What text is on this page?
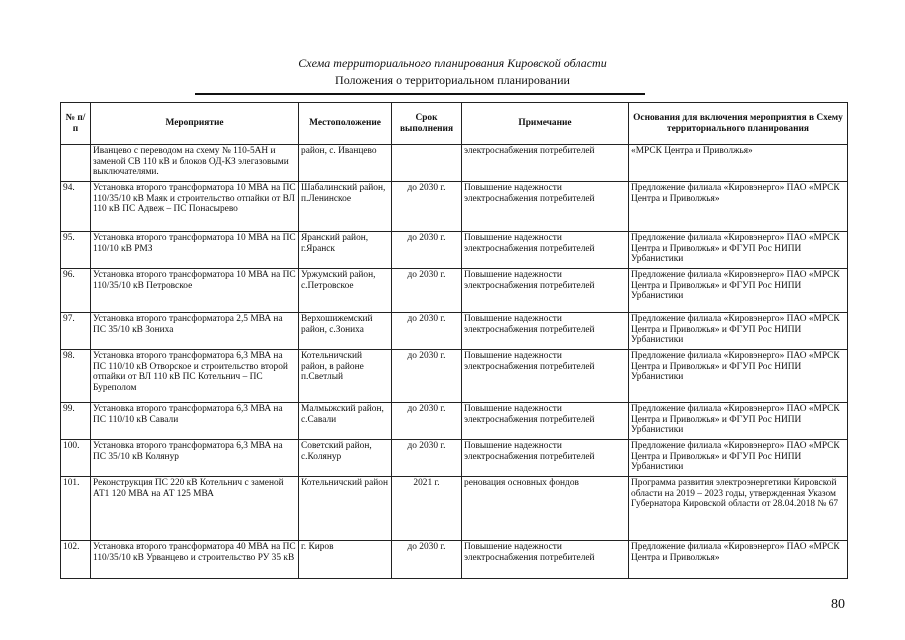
Схема территориального планирования Кировской области
Положения о территориальном планировании
№ п/п	Мероприятие	Местоположение	Срок выполнения	Примечание	Основания для включения мероприятия в Схему территориального планирования
	Иванцево с переводом на схему № 110-5АН и заменой СВ 110 кВ и блоков ОД-КЗ элегазовыми выключателями.	район, с. Иванцево		электроснабжения потребителей	«МРСК Центра и Приволжья»
94.	Установка второго трансформатора 10 МВА на ПС 110/35/10 кВ Маяк и строительство отпайки от ВЛ 110 кВ ПС Адвеж – ПС Понасырево	Шабалинский район, п.Ленинское	до 2030 г.	Повышение надежности электроснабжения потребителей	Предложение филиала «Кировэнерго» ПАО «МРСК Центра и Приволжья»
95.	Установка второго трансформатора 10 МВА на ПС 110/10 кВ РМЗ	Яранский район, г.Яранск	до 2030 г.	Повышение надежности электроснабжения потребителей	Предложение филиала «Кировэнерго» ПАО «МРСК Центра и Приволжья» и ФГУП Рос НИПИ Урбанистики
96.	Установка второго трансформатора 10 МВА на ПС 110/35/10 кВ Петровское	Уржумский район, с.Петровское	до 2030 г.	Повышение надежности электроснабжения потребителей	Предложение филиала «Кировэнерго» ПАО «МРСК Центра и Приволжья» и ФГУП Рос НИПИ Урбанистики
97.	Установка второго трансформатора 2,5 МВА на ПС 35/10 кВ Зониха	Верхошижемский район, с.Зониха	до 2030 г.	Повышение надежности электроснабжения потребителей	Предложение филиала «Кировэнерго» ПАО «МРСК Центра и Приволжья» и ФГУП Рос НИПИ Урбанистики
98.	Установка второго трансформатора 6,3 МВА на ПС 110/10 кВ Отворское и строительство второй отпайки от ВЛ 110 кВ ПС Котельнич – ПС Буреполом	Котельничский район, в районе п.Светлый	до 2030 г.	Повышение надежности электроснабжения потребителей	Предложение филиала «Кировэнерго» ПАО «МРСК Центра и Приволжья» и ФГУП Рос НИПИ Урбанистики
99.	Установка второго трансформатора 6,3 МВА на ПС 110/10 кВ Савали	Малмыжский район, с.Савали	до 2030 г.	Повышение надежности электроснабжения потребителей	Предложение филиала «Кировэнерго» ПАО «МРСК Центра и Приволжья» и ФГУП Рос НИПИ Урбанистики
100.	Установка второго трансформатора 6,3 МВА на ПС 35/10 кВ Колянур	Советский район, с.Колянур	до 2030 г.	Повышение надежности электроснабжения потребителей	Предложение филиала «Кировэнерго» ПАО «МРСК Центра и Приволжья» и ФГУП Рос НИПИ Урбанистики
101.	Реконструкция ПС 220 кВ Котельнич с заменой АТ1 120 МВА на АТ 125 МВА	Котельничский район	2021 г.	реновация основных фондов	Программа развития электроэнергетики Кировской области на 2019 – 2023 годы, утвержденная Указом Губернатора Кировской области от 28.04.2018 № 67
102.	Установка второго трансформатора 40 МВА на ПС 110/35/10 кВ Урванцево и строительство РУ 35 кВ	г. Киров	до 2030 г.	Повышение надежности электроснабжения потребителей	Предложение филиала «Кировэнерго» ПАО «МРСК Центра и Приволжья»
80
